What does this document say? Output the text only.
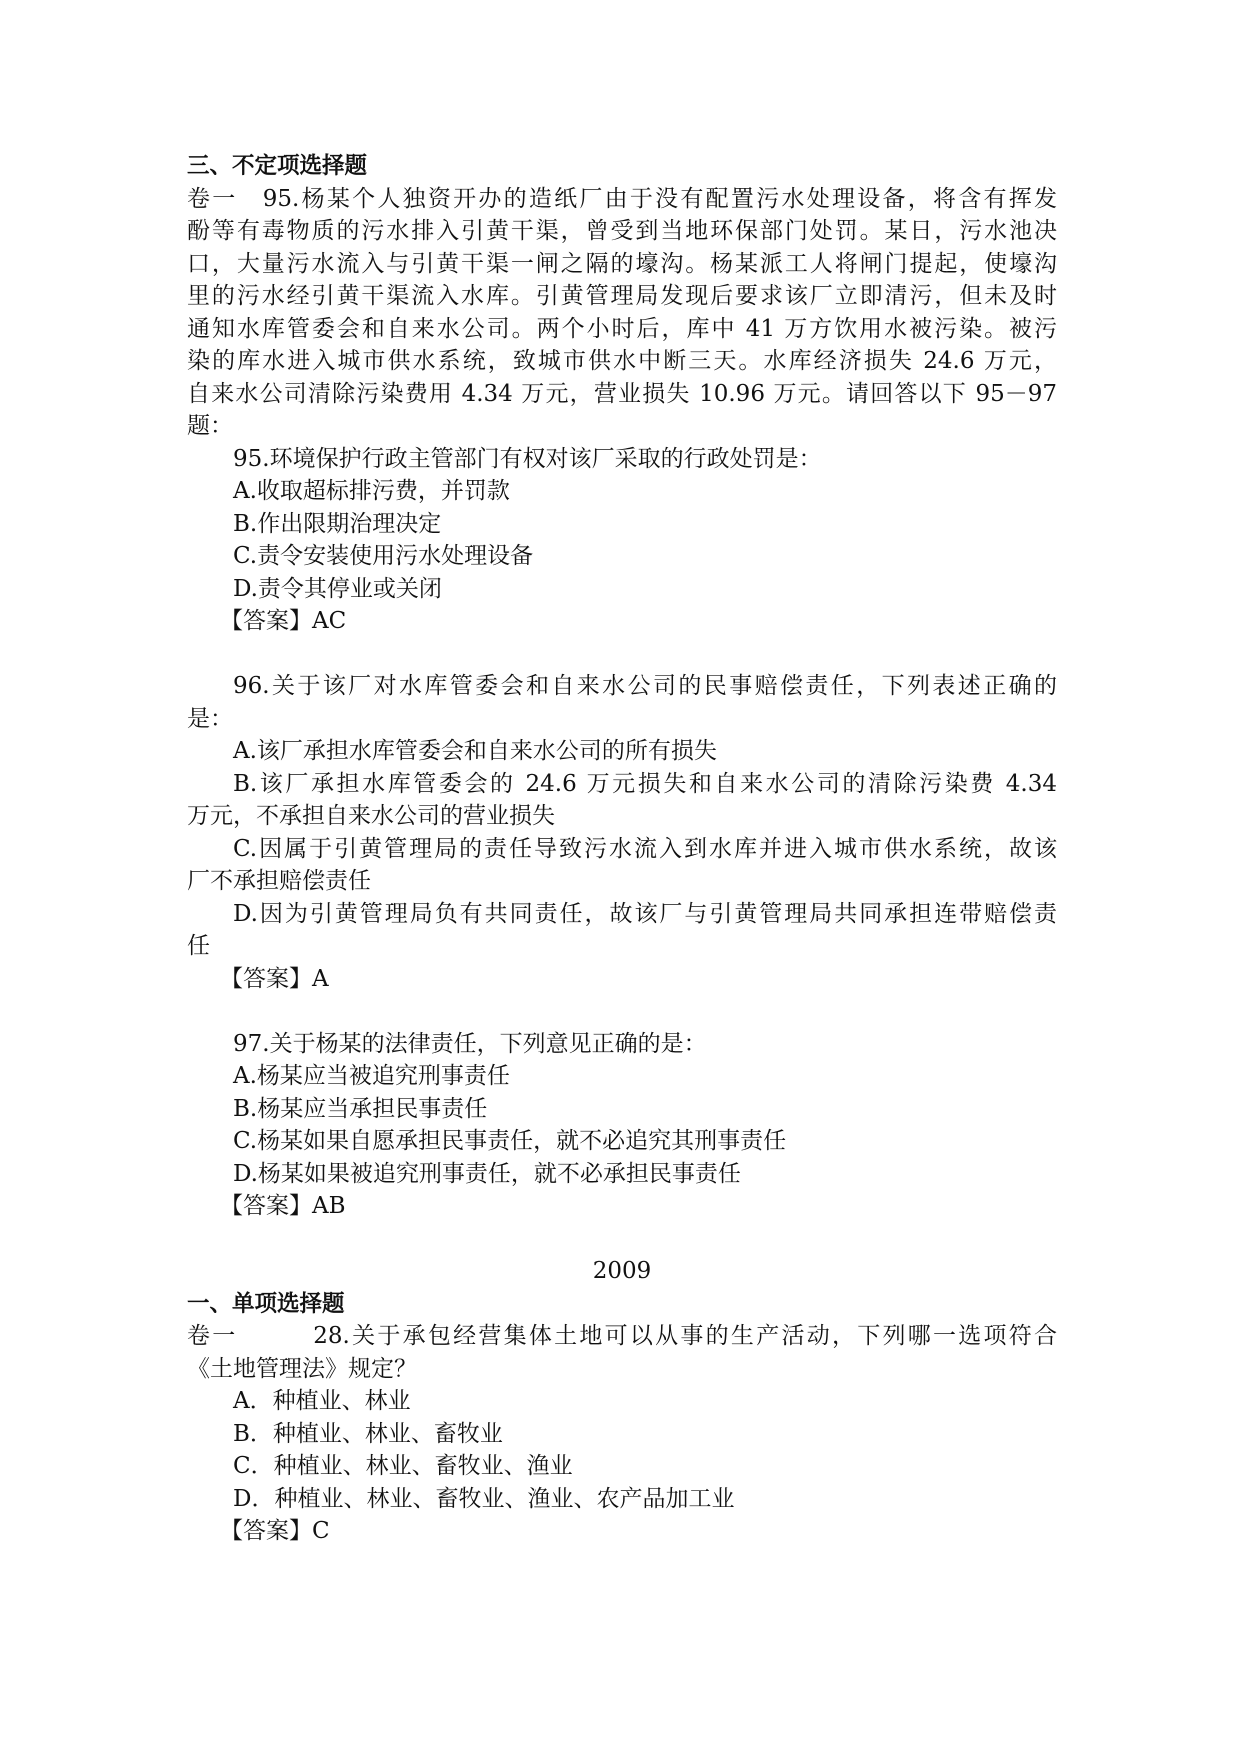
三、不定项选择题
卷一　95.杨某个人独资开办的造纸厂由于没有配置污水处理设备，将含有挥发
酚等有毒物质的污水排入引黄干渠，曾受到当地环保部门处罚。某日，污水池决
口，大量污水流入与引黄干渠一闸之隔的壕沟。杨某派工人将闸门提起，使壕沟
里的污水经引黄干渠流入水库。引黄管理局发现后要求该厂立即清污，但未及时
通知水库管委会和自来水公司。两个小时后，库中 41 万方饮用水被污染。被污
染的库水进入城市供水系统，致城市供水中断三天。水库经济损失 24.6 万元，
自来水公司清除污染费用 4.34 万元，营业损失 10.96 万元。请回答以下 95－97
题：
95.环境保护行政主管部门有权对该厂采取的行政处罚是：
A.收取超标排污费，并罚款
B.作出限期治理决定
C.责令安装使用污水处理设备
D.责令其停业或关闭
【答案】AC
96.关于该厂对水库管委会和自来水公司的民事赔偿责任，下列表述正确的
是：
A.该厂承担水库管委会和自来水公司的所有损失
B.该厂承担水库管委会的 24.6 万元损失和自来水公司的清除污染费 4.34
万元，不承担自来水公司的营业损失
C.因属于引黄管理局的责任导致污水流入到水库并进入城市供水系统，故该
厂不承担赔偿责任
D.因为引黄管理局负有共同责任，故该厂与引黄管理局共同承担连带赔偿责
任
【答案】A
97.关于杨某的法律责任，下列意见正确的是：
A.杨某应当被追究刑事责任
B.杨某应当承担民事责任
C.杨某如果自愿承担民事责任，就不必追究其刑事责任
D.杨某如果被追究刑事责任，就不必承担民事责任
【答案】AB
2009
一、单项选择题
卷一　　　28.关于承包经营集体土地可以从事的生产活动，下列哪一选项符合
《土地管理法》规定？
A．种植业、林业
B．种植业、林业、畜牧业
C．种植业、林业、畜牧业、渔业
D．种植业、林业、畜牧业、渔业、农产品加工业
【答案】C
